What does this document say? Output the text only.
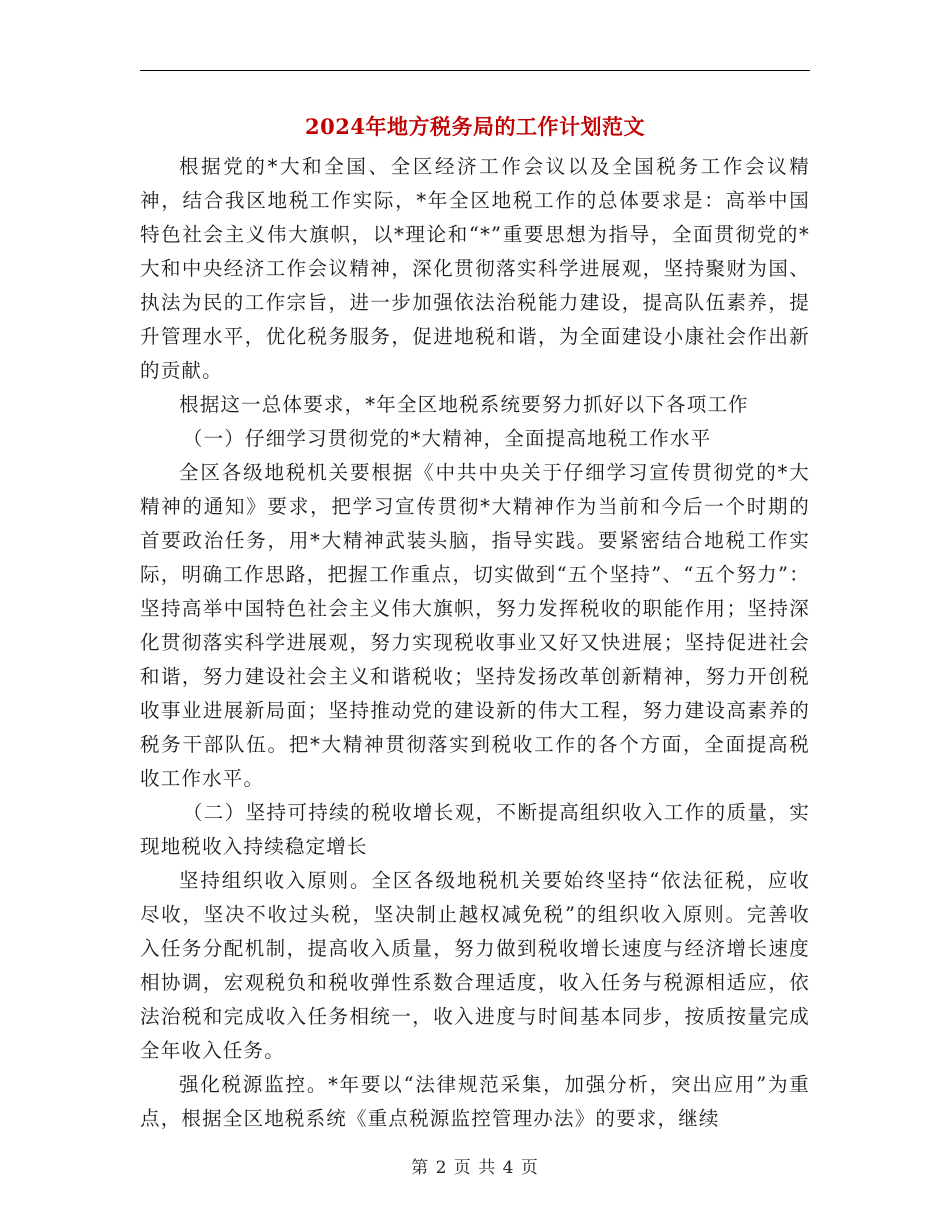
2024年地方税务局的工作计划范文

根据党的*大和全国、全区经济工作会议以及全国税务工作会议精神，结合我区地税工作实际，*年全区地税工作的总体要求是：高举中国特色社会主义伟大旗帜，以*理论和“*”重要思想为指导，全面贯彻党的*大和中央经济工作会议精神，深化贯彻落实科学进展观，坚持聚财为国、执法为民的工作宗旨，进一步加强依法治税能力建设，提高队伍素养，提升管理水平，优化税务服务，促进地税和谐，为全面建设小康社会作出新的贡献。

根据这一总体要求，*年全区地税系统要努力抓好以下各项工作

（一）仔细学习贯彻党的*大精神，全面提高地税工作水平

全区各级地税机关要根据《中共中央关于仔细学习宣传贯彻党的*大精神的通知》要求，把学习宣传贯彻*大精神作为当前和今后一个时期的首要政治任务，用*大精神武装头脑，指导实践。要紧密结合地税工作实际，明确工作思路，把握工作重点，切实做到“五个坚持”、“五个努力”：坚持高举中国特色社会主义伟大旗帜，努力发挥税收的职能作用；坚持深化贯彻落实科学进展观，努力实现税收事业又好又快进展；坚持促进社会和谐，努力建设社会主义和谐税收；坚持发扬改革创新精神，努力开创税收事业进展新局面；坚持推动党的建设新的伟大工程，努力建设高素养的税务干部队伍。把*大精神贯彻落实到税收工作的各个方面，全面提高税收工作水平。

（二）坚持可持续的税收增长观，不断提高组织收入工作的质量，实现地税收入持续稳定增长

坚持组织收入原则。全区各级地税机关要始终坚持“依法征税，应收尽收，坚决不收过头税，坚决制止越权减免税”的组织收入原则。完善收入任务分配机制，提高收入质量，努力做到税收增长速度与经济增长速度相协调，宏观税负和税收弹性系数合理适度，收入任务与税源相适应，依法治税和完成收入任务相统一，收入进度与时间基本同步，按质按量完成全年收入任务。

强化税源监控。*年要以“法律规范采集，加强分析，突出应用”为重点，根据全区地税系统《重点税源监控管理办法》的要求，继续

第 2 页 共 4 页
